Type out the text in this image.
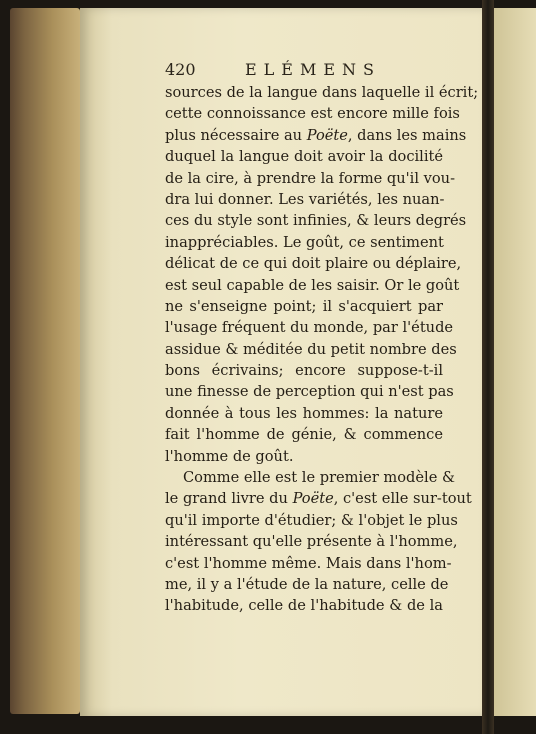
420	ELÉMENS
sources de la langue dans laquelle il écrit;
cette connoissance est encore mille fois
plus nécessaire au Poëte, dans les mains
duquel la langue doit avoir la docilité
de la cire, à prendre la forme qu'il vou-
dra lui donner. Les variétés, les nuan-
ces du style sont infinies, & leurs degrés
inappréciables. Le goût, ce sentiment
délicat de ce qui doit plaire ou déplaire,
est seul capable de les saisir. Or le goût
ne s'enseigne point; il s'acquiert par
l'usage fréquent du monde, par l'étude
assidue & méditée du petit nombre des
bons écrivains; encore suppose-t-il
une finesse de perception qui n'est pas
donnée à tous les hommes: la nature
fait l'homme de génie, & commence
l'homme de goût.
Comme elle est le premier modèle &
le grand livre du Poëte, c'est elle sur-tout
qu'il importe d'étudier; & l'objet le plus
intéressant qu'elle présente à l'homme,
c'est l'homme même. Mais dans l'hom-
me, il y a l'étude de la nature, celle de
l'habitude, celle de l'habitude & de la
